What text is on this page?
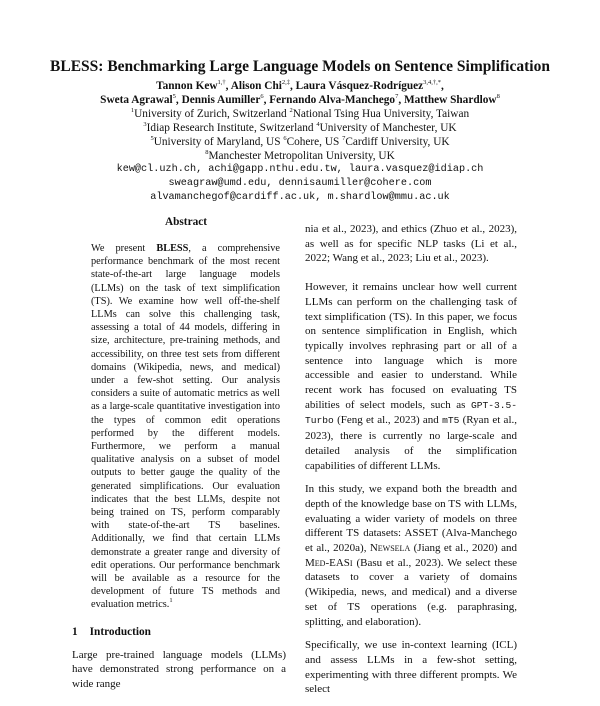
BLESS: Benchmarking Large Language Models on Sentence Simplification
Tannon Kew$^{1,\dagger}$, Alison Chi$^{2,\ddagger}$, Laura Vásquez-Rodríguez$^{3,4,\dagger,*}$,
Sweta Agrawal$^5$, Dennis Aumiller$^6$, Fernando Alva-Manchego$^7$, Matthew Shardlow$^8$
$^1$University of Zurich, Switzerland $^2$National Tsing Hua University, Taiwan
$^3$Idiap Research Institute, Switzerland $^4$University of Manchester, UK
$^5$University of Maryland, US $^6$Cohere, US $^7$Cardiff University, UK
$^8$Manchester Metropolitan University, UK
kew@cl.uzh.ch, achi@gapp.nthu.edu.tw, laura.vasquez@idiap.ch
sweagraw@umd.edu, dennisaumiller@cohere.com
alvamanchegof@cardiff.ac.uk, m.shardlow@mmu.ac.uk
Abstract

We present BLESS, a comprehensive performance benchmark of the most recent state-of-the-art large language models (LLMs) on the task of text simplification (TS). We examine how well off-the-shelf LLMs can solve this challenging task, assessing a total of 44 models, differing in size, architecture, pre-training methods, and accessibility, on three test sets from different domains (Wikipedia, news, and medical) under a few-shot setting. Our analysis considers a suite of automatic metrics as well as a large-scale quantitative investigation into the types of common edit operations performed by the different models. Furthermore, we perform a manual qualitative analysis on a subset of model outputs to better gauge the quality of the generated simplifications. Our evaluation indicates that the best LLMs, despite not being trained on TS, perform comparably with state-of-the-art TS baselines. Additionally, we find that certain LLMs demonstrate a greater range and diversity of edit operations. Our performance benchmark will be available as a resource for the development of future TS methods and evaluation metrics.$^1$

1 Introduction

Large pre-trained language models (LLMs) have demonstrated strong performance on a wide range

nia et al., 2023), and ethics (Zhuo et al., 2023), as well as for specific NLP tasks (Li et al., 2022; Wang et al., 2023; Liu et al., 2023).

However, it remains unclear how well current LLMs can perform on the challenging task of text simplification (TS). In this paper, we focus on sentence simplification in English, which typically involves rephrasing part or all of a sentence into language which is more accessible and easier to understand. While recent work has focused on evaluating TS abilities of select models, such as GPT-3.5-Turbo (Feng et al., 2023) and mT5 (Ryan et al., 2023), there is currently no large-scale and detailed analysis of the simplification capabilities of different LLMs.

In this study, we expand both the breadth and depth of the knowledge base on TS with LLMs, evaluating a wider variety of models on three different TS datasets: ASSET (Alva-Manchego et al., 2020a), Newsela (Jiang et al., 2020) and Med-EASi (Basu et al., 2023). We select these datasets to cover a variety of domains (Wikipedia, news, and medical) and a diverse set of TS operations (e.g. paraphrasing, splitting, and elaboration).

Specifically, we use in-context learning (ICL) and assess LLMs in a few-shot setting, experimenting with three different prompts. We select
